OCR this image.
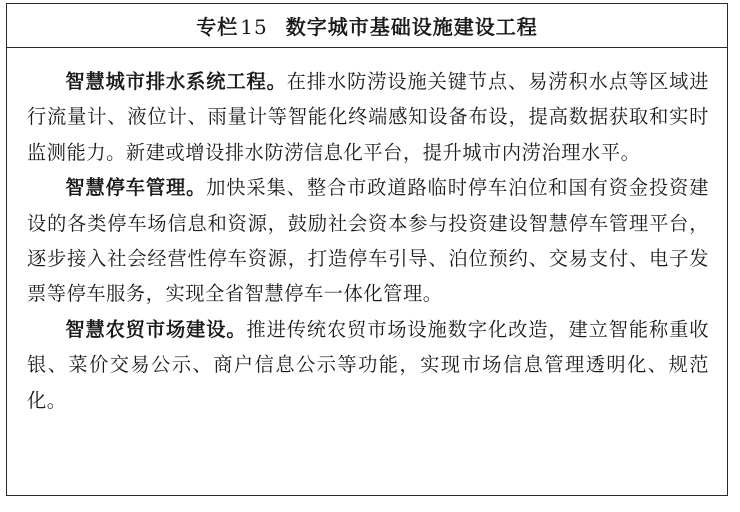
专栏 15 数字城市基础设施建设工程

智慧城市排水系统工程。在排水防涝设施关键节点、易涝积水点等区域进行流量计、液位计、雨量计等智能化终端感知设备布设，提高数据获取和实时监测能力。新建或增设排水防涝信息化平台，提升城市内涝治理水平。

智慧停车管理。加快采集、整合市政道路临时停车泊位和国有资金投资建设的各类停车场信息和资源，鼓励社会资本参与投资建设智慧停车管理平台，逐步接入社会经营性停车资源，打造停车引导、泊位预约、交易支付、电子发票等停车服务，实现全省智慧停车一体化管理。

智慧农贸市场建设。推进传统农贸市场设施数字化改造，建立智能称重收银、菜价交易公示、商户信息公示等功能，实现市场信息管理透明化、规范化。
